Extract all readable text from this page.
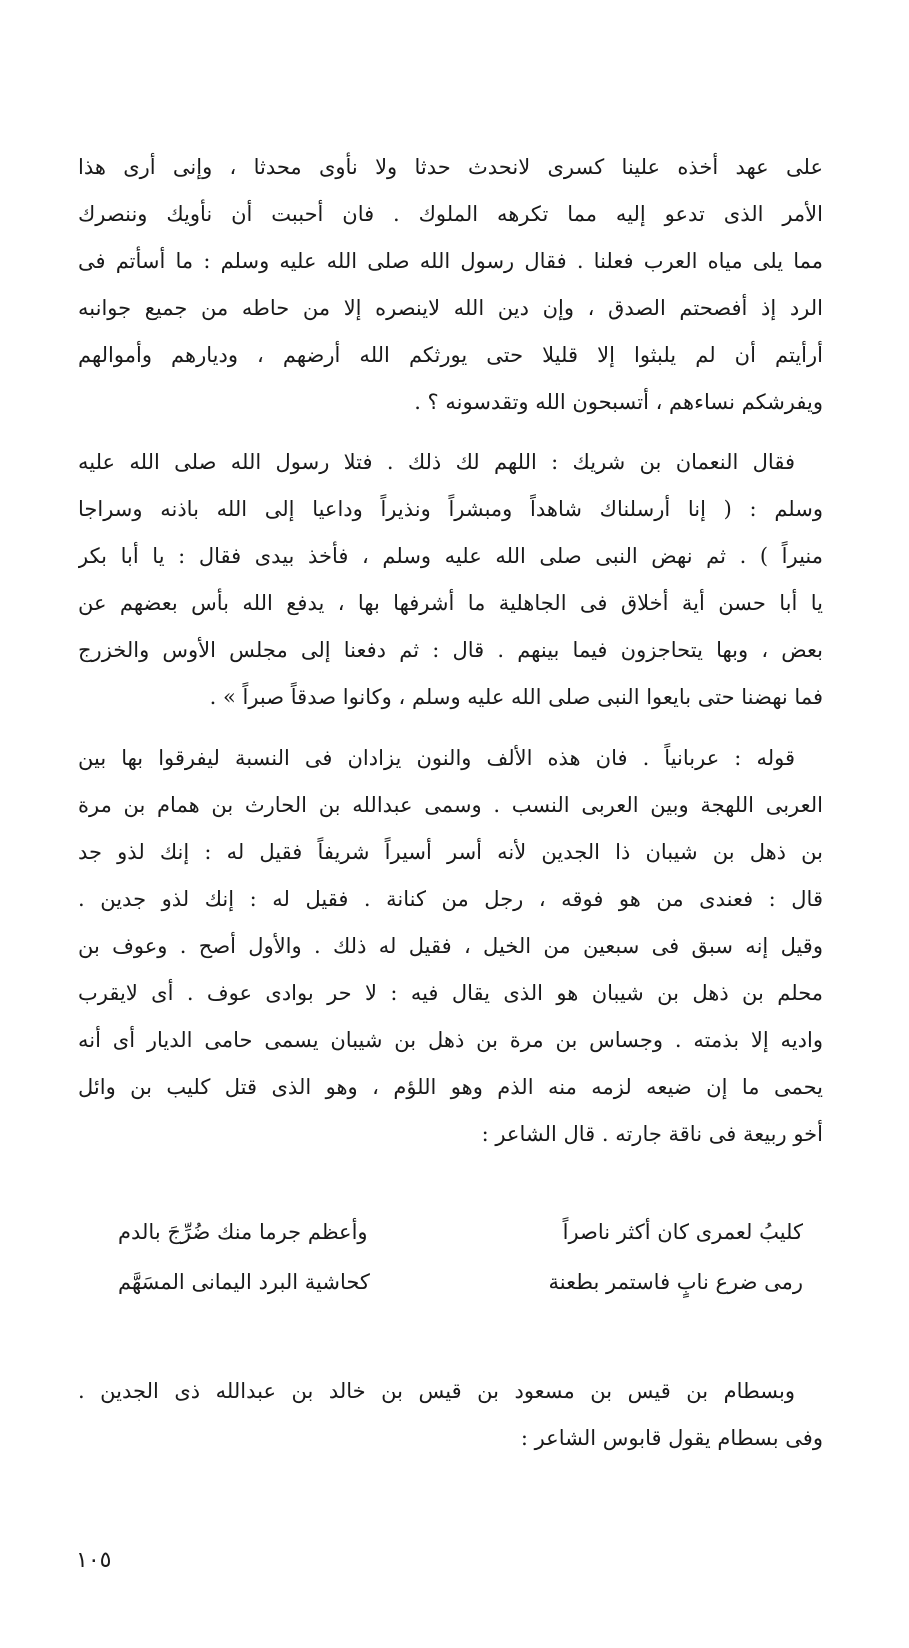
على عهد أخذه علينا كسرى لانحدث حدثا ولا نأوى محدثا ، وإنى أرى هذا
الأمر الذى تدعو إليه مما تكرهه الملوك . فان أحببت أن نأويك وننصرك
مما يلى مياه العرب فعلنا . فقال رسول الله صلى الله عليه وسلم : ما أسأتم فى
الرد إذ أفصحتم الصدق ، وإن دين الله لاينصره إلا من حاطه من جميع جوانبه
أرأيتم أن لم يلبثوا إلا قليلا حتى يورثكم الله أرضهم ، وديارهم وأموالهم
ويفرشكم نساءهم ، أتسبحون الله وتقدسونه ؟ .
فقال النعمان بن شريك : اللهم لك ذلك . فتلا رسول الله صلى الله عليه
وسلم : ( إنا أرسلناك شاهداً ومبشراً ونذيراً وداعيا إلى الله باذنه وسراجا
منيراً ) . ثم نهض النبى صلى الله عليه وسلم ، فأخذ بيدى فقال : يا أبا بكر
يا أبا حسن أية أخلاق فى الجاهلية ما أشرفها بها ، يدفع الله بأس بعضهم عن
بعض ، وبها يتحاجزون فيما بينهم . قال : ثم دفعنا إلى مجلس الأوس والخزرج
فما نهضنا حتى بايعوا النبى صلى الله عليه وسلم ، وكانوا صدقاً صبراً » .
قوله : عربانياً . فان هذه الألف والنون يزادان فى النسبة ليفرقوا بها بين
العربى اللهجة وبين العربى النسب . وسمى عبدالله بن الحارث بن همام بن مرة
بن ذهل بن شيبان ذا الجدين لأنه أسر أسيراً شريفاً فقيل له : إنك لذو جد
قال : فعندى من هو فوقه ، رجل من كنانة . فقيل له : إنك لذو جدين .
وقيل إنه سبق فى سبعين من الخيل ، فقيل له ذلك . والأول أصح . وعوف بن
محلم بن ذهل بن شيبان هو الذى يقال فيه : لا حر بوادى عوف . أى لايقرب
واديه إلا بذمته . وجساس بن مرة بن ذهل بن شيبان يسمى حامى الديار أى أنه
يحمى ما إن ضيعه لزمه منه الذم وهو اللؤم ، وهو الذى قتل كليب بن وائل
أخو ربيعة فى ناقة جارته . قال الشاعر :
كليبُ لعمرى كان أكثر ناصراً
وأعظم جرما منك ضُرِّجَ بالدم
رمى ضرع نابٍ فاستمر بطعنة
كحاشية البرد اليمانى المسَهَّم
وبسطام بن قيس بن مسعود بن قيس بن خالد بن عبدالله ذى الجدين .
وفى بسطام يقول قابوس الشاعر :
١٠٥
